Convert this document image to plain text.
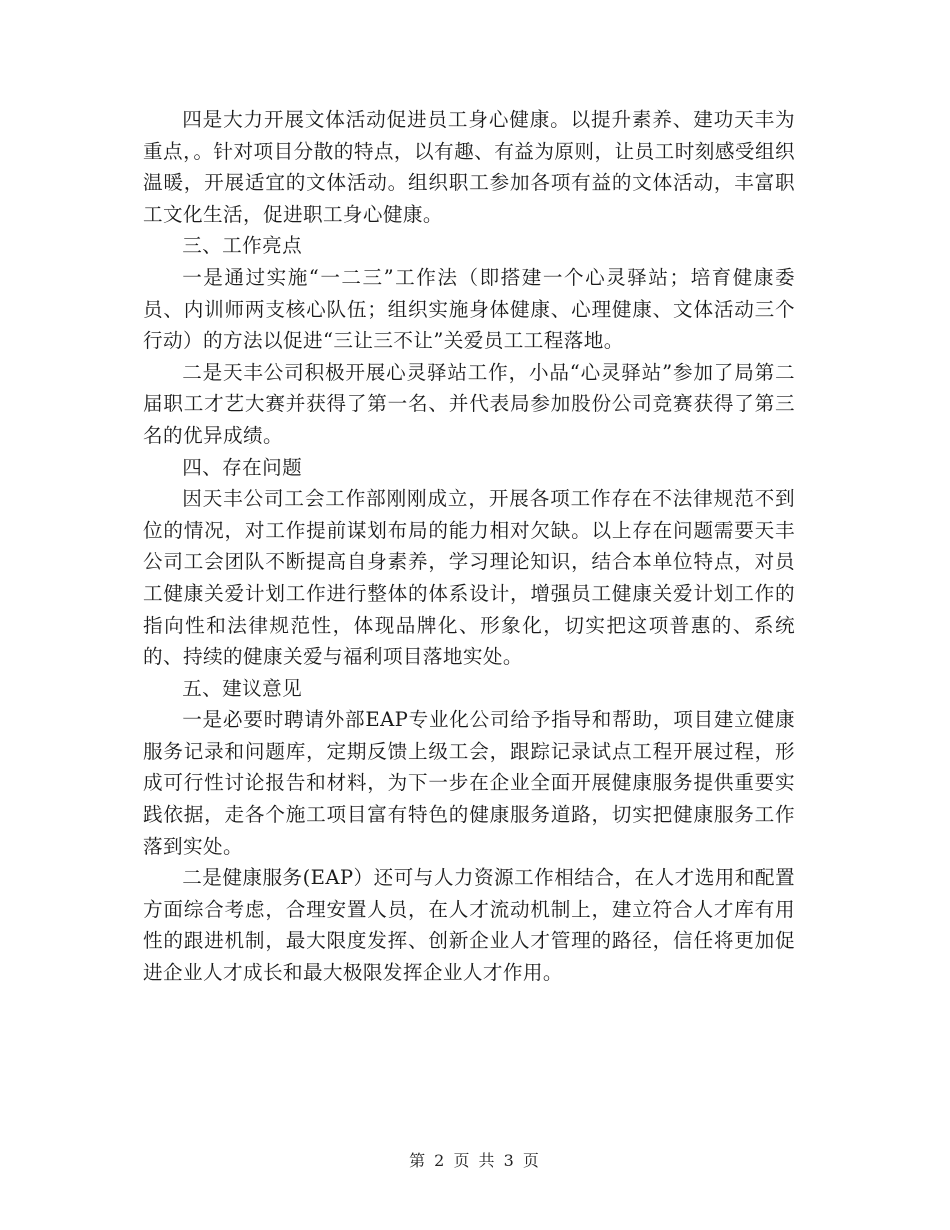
四是大力开展文体活动促进员工身心健康。以提升素养、建功天丰为重点，。针对项目分散的特点，以有趣、有益为原则，让员工时刻感受组织温暖，开展适宜的文体活动。组织职工参加各项有益的文体活动，丰富职工文化生活，促进职工身心健康。

三、工作亮点

一是通过实施“一二三”工作法（即搭建一个心灵驿站；培育健康委员、内训师两支核心队伍；组织实施身体健康、心理健康、文体活动三个行动）的方法以促进“三让三不让”关爱员工工程落地。

二是天丰公司积极开展心灵驿站工作，小品“心灵驿站”参加了局第二届职工才艺大赛并获得了第一名、并代表局参加股份公司竞赛获得了第三名的优异成绩。

四、存在问题

因天丰公司工会工作部刚刚成立，开展各项工作存在不法律规范不到位的情况，对工作提前谋划布局的能力相对欠缺。以上存在问题需要天丰公司工会团队不断提高自身素养，学习理论知识，结合本单位特点，对员工健康关爱计划工作进行整体的体系设计，增强员工健康关爱计划工作的指向性和法律规范性，体现品牌化、形象化，切实把这项普惠的、系统的、持续的健康关爱与福利项目落地实处。

五、建议意见

一是必要时聘请外部EAP专业化公司给予指导和帮助，项目建立健康服务记录和问题库，定期反馈上级工会，跟踪记录试点工程开展过程，形成可行性讨论报告和材料，为下一步在企业全面开展健康服务提供重要实践依据，走各个施工项目富有特色的健康服务道路，切实把健康服务工作落到实处。

二是健康服务(EAP）还可与人力资源工作相结合，在人才选用和配置方面综合考虑，合理安置人员，在人才流动机制上，建立符合人才库有用性的跟进机制，最大限度发挥、创新企业人才管理的路径，信任将更加促进企业人才成长和最大极限发挥企业人才作用。

第 2 页 共 3 页
